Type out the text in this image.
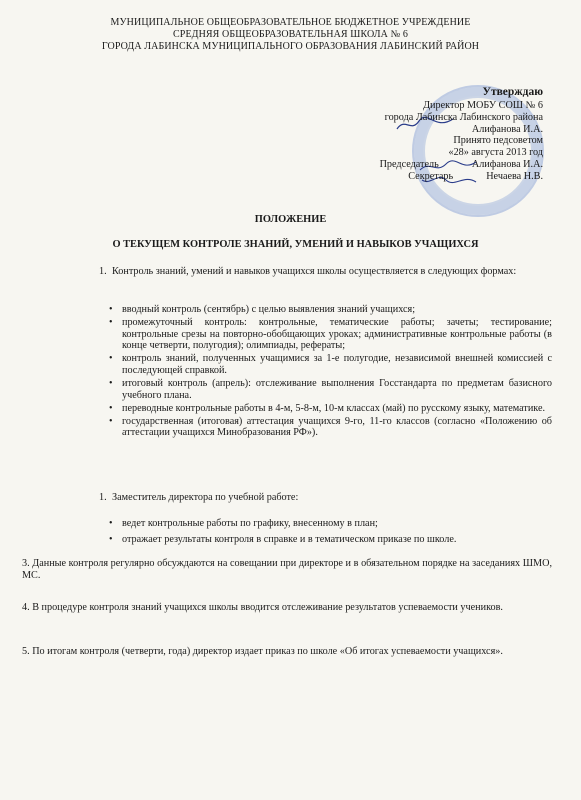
МУНИЦИПАЛЬНОЕ ОБЩЕОБРАЗОВАТЕЛЬНОЕ БЮДЖЕТНОЕ УЧРЕЖДЕНИЕ
СРЕДНЯЯ ОБЩЕОБРАЗОВАТЕЛЬНАЯ ШКОЛА № 6
ГОРОДА ЛАБИНСКА МУНИЦИПАЛЬНОГО ОБРАЗОВАНИЯ ЛАБИНСКИЙ РАЙОН
Утверждаю
Директор МОБУ СОШ № 6
города Лабинска Лабинского района
Алифанова И.А.
Принято педсоветом
«28» августа 2013 год
Председатель             Алифанова И.А.
Секретарь             Нечаева Н.В.
ПОЛОЖЕНИЕ
О ТЕКУЩЕМ КОНТРОЛЕ ЗНАНИЙ, УМЕНИЙ И НАВЫКОВ УЧАЩИХСЯ
1. Контроль знаний, умений и навыков учащихся школы осуществляется в следующих формах:
• вводный контроль (сентябрь) с целью выявления знаний учащихся;
• промежуточный контроль: контрольные, тематические работы; зачеты; тестирование; контрольные срезы на повторно-обобщающих уроках; административные контрольные работы (в конце четверти, полугодия); олимпиады, рефераты;
• контроль знаний, полученных учащимися за 1-е полугодие, независимой внешней комиссией с последующей справкой.
• итоговый контроль (апрель): отслеживание выполнения Госстандарта по предметам базисного учебного плана.
• переводные контрольные работы в 4-м, 5-8-м, 10-м классах (май) по русскому языку, математике.
• государственная (итоговая) аттестация учащихся 9-го, 11-го классов (согласно «Положению об аттестации учащихся Минобразования РФ»).
1. Заместитель директора по учебной работе:
• ведет контрольные работы по графику, внесенному в план;
• отражает результаты контроля в справке и в тематическом приказе по школе.
3. Данные контроля регулярно обсуждаются на совещании при директоре и в обязательном порядке на заседаниях ШМО, МС.
4. В процедуре контроля знаний учащихся школы вводится отслеживание результатов успеваемости учеников.
5. По итогам контроля (четверти, года) директор издает приказ по школе «Об итогах успеваемости учащихся».
